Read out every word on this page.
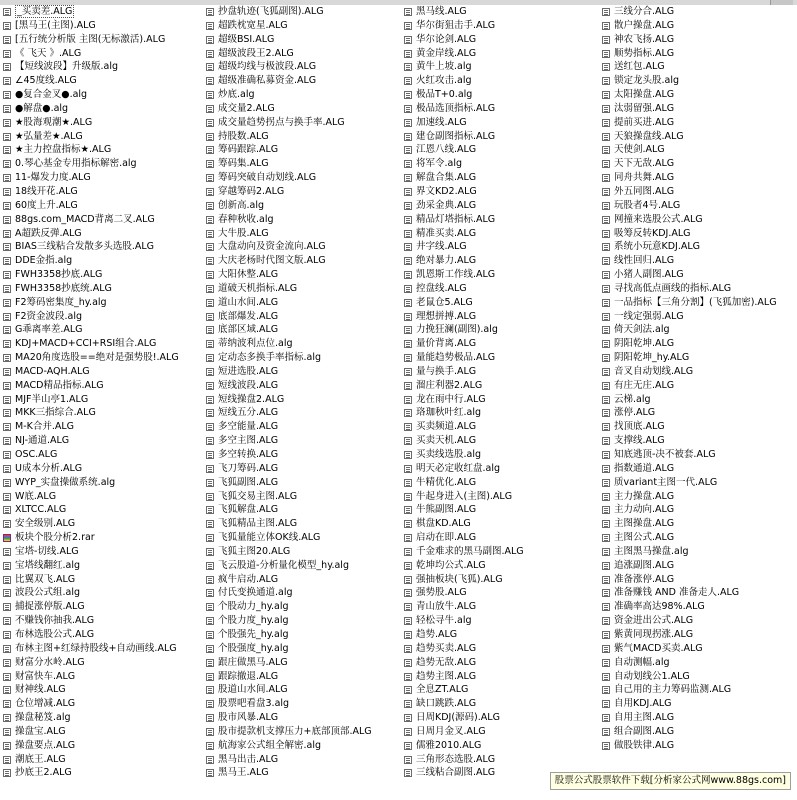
_买卖差.ALG
[黑马王(主图).ALG
[五行统分析版 主图(无标激活).ALG
《 飞天 》.ALG
【短线波段】升级版.alg
∠45度线.ALG
●复合金叉●.alg
●解盘●.alg
★股海观潮★.ALG
★弘量差★.ALG
★主力控盘指标★.ALG
0.琴心基金专用指标解密.alg
11-爆发力度.ALG
18线开花.ALG
60度上升.ALG
88gs.com_MACD背离二叉.ALG
A超跌反弹.ALG
BIAS三线粘合发散多头选股.ALG
DDE金指.alg
FWH3358抄底.ALG
FWH3358抄底统.ALG
F2筹码密集度_hy.alg
F2资金波段.alg
G乖离率差.ALG
KDJ+MACD+CCI+RSI组合.ALG
MA20角度选股==绝对是强势股!.ALG
MACD-AQH.ALG
MACD精品指标.ALG
MJF半山亭1.ALG
MKK三指综合.ALG
M-K合并.ALG
NJ-通道.ALG
OSC.ALG
U成本分析.ALG
WYP_实盘操做系统.alg
W底.ALG
XLTCC.ALG
安全级别.ALG
板块个股分析2.rar
宝塔-切线.ALG
宝塔线翻红.alg
比翼双飞.ALG
波段公式组.alg
捕捉涨停版.ALG
不赚钱你抽我.ALG
布林选股公式.ALG
布林主图+红绿持股线+自动画线.ALG
财富分水岭.ALG
财富快车.ALG
财神线.ALG
仓位增减.ALG
操盘秘笈.alg
操盘宝.ALG
操盘要点.ALG
潮底王.ALG
抄底王2.ALG
抄盘轨迹(飞狐副图).ALG
超跌枕宽星.ALG
超级BSI.ALG
超级波段王2.ALG
超级均线与极波段.ALG
超级准确私募资金.ALG
炒底.alg
成交量2.ALG
成交量趋势拐点与换手率.ALG
持股数.ALG
筹码跟踪.ALG
筹码集.ALG
筹码突破自动划线.ALG
穿越筹码2.ALG
创新高.alg
春种秋收.alg
大牛股.ALG
大盘动向及资金流向.ALG
大庆老杨时代图文版.ALG
大阳休整.ALG
道破天机指标.ALG
道山水间.ALG
底部爆发.ALG
底部区域.ALG
蒂纳波利点位.alg
定动态多换手率指标.alg
短进选股.ALG
短线波段.ALG
短线操盘2.ALG
短线五分.ALG
多空能量.ALG
多空主图.ALG
多空转换.ALG
飞刀筹码.ALG
飞狐副图.ALG
飞狐交易主图.ALG
飞狐解盘.ALG
飞狐精品主图.ALG
飞狐量能立体OK线.ALG
飞狐主图20.ALG
飞云股道-分析量化模型_hy.alg
疯牛启动.ALG
付氏变换通道.alg
个股动力_hy.alg
个股力度_hy.alg
个股强先_hy.alg
个股强度_hy.alg
跟庄做黑马.ALG
跟踪撤退.ALG
股道山水间.ALG
股票吧看盘3.alg
股市风暴.ALG
股市提款机支撑压力+底部顶部.ALG
航海家公式组全解密.alg
黑马出击.ALG
黑马王.ALG
黑马线.ALG
华尔街狙击手.ALG
华尔论剑.ALG
黄金岸线.ALG
黄牛上坡.alg
火红攻击.alg
极品T+0.alg
极品选顶指标.ALG
加速线.ALG
建仓副图指标.ALG
江恩八线.ALG
将军令.alg
解盘合集.ALG
界文KD2.ALG
劲采金典.ALG
精品灯塔指标.ALG
精准买卖.ALG
井字线.ALG
绝对暴力.ALG
凯恩斯工作线.ALG
控盘线.ALG
老鼠仓5.ALG
理想拼搏.ALG
力挽狂澜(副图).alg
量价背离.ALG
量能趋势极品.ALG
量与换手.ALG
溜庄利器2.ALG
龙在雨中行.ALG
珞珈秋叶红.alg
买卖频道.ALG
买卖天机.ALG
买卖线选股.alg
明天必定收红盘.alg
牛精优化.ALG
牛起身进入(主图).ALG
牛熊副图.ALG
棋盘KD.ALG
启动在即.ALG
千金难求的黑马副图.ALG
乾坤均公式.ALG
强抽板块(飞狐).ALG
强势股.ALG
青山放牛.ALG
轻松寻牛.alg
趋势.ALG
趋势买卖.ALG
趋势无敌.ALG
趋势主图.ALG
全息ZT.ALG
缺口跳跌.ALG
日周KDJ(源码).ALG
日周月金叉.ALG
儒雅2010.ALG
三角形态选股.ALG
三线粘合副图.ALG
三线分合.ALG
散户操盘.ALG
神农飞扬.ALG
顺势指标.ALG
送红包.ALG
锁定龙头股.alg
太阳操盘.ALG
汰弱留强.ALG
提前买进.ALG
天狼操盘线.ALG
天使剑.ALG
天下无敌.ALG
同舟共舞.ALG
外五同图.ALG
玩股者4号.ALG
网撞来选股公式.ALG
吸筹反转KDJ.ALG
系统小玩意KDJ.ALG
线性回归.ALG
小猪人副图.ALG
寻找高低点画线的指标.ALG
一品指标【三角分割】(飞狐加密).ALG
一线定强弱.ALG
倚天剑法.alg
阴阳乾坤.ALG
阴阳乾坤_hy.ALG
音叉自动划线.ALG
有庄无庄.ALG
云梯.alg
涨停.ALG
找顶底.ALG
支撑线.ALG
知底逃顶-决不被套.ALG
指数通道.ALG
质variant主图一代.ALG
主力操盘.ALG
主力动向.ALG
主图操盘.ALG
主图公式.ALG
主图黑马操盘.alg
追涨副图.ALG
准备涨停.ALG
准备赚钱 AND 准备走人.ALG
准确率高达98%.ALG
资金进出公式.ALG
紫黄同现拐涨.ALG
紫气MACD买卖.ALG
自动测幅.alg
自动划线公1.ALG
自己用的主力筹码监测.ALG
自用KDJ.ALG
自用主图.ALG
组合副图.ALG
做股铁律.ALG
股票公式股票软件下载[分析家公式网www.88gs.com]
